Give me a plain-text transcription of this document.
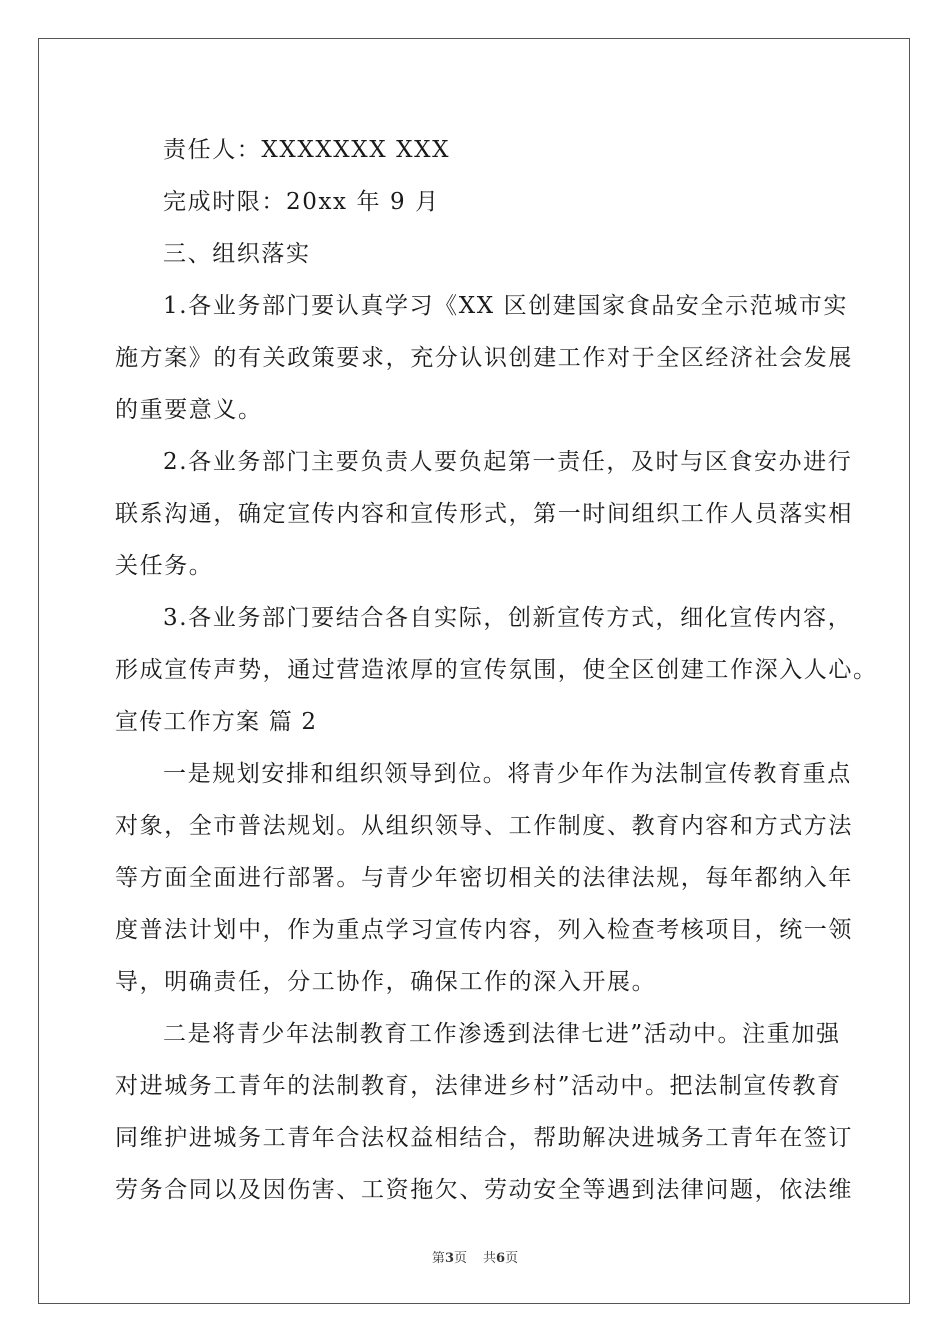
责任人：XXXXXXX XXX
完成时限：20xx 年 9 月
三、组织落实
1.各业务部门要认真学习《XX 区创建国家食品安全示范城市实
施方案》的有关政策要求，充分认识创建工作对于全区经济社会发展
的重要意义。
2.各业务部门主要负责人要负起第一责任，及时与区食安办进行
联系沟通，确定宣传内容和宣传形式，第一时间组织工作人员落实相
关任务。
3.各业务部门要结合各自实际，创新宣传方式，细化宣传内容，
形成宣传声势，通过营造浓厚的宣传氛围，使全区创建工作深入人心。
宣传工作方案 篇 2
一是规划安排和组织领导到位。将青少年作为法制宣传教育重点
对象，全市普法规划。从组织领导、工作制度、教育内容和方式方法
等方面全面进行部署。与青少年密切相关的法律法规，每年都纳入年
度普法计划中，作为重点学习宣传内容，列入检查考核项目，统一领
导，明确责任，分工协作，确保工作的深入开展。
二是将青少年法制教育工作渗透到法律七进”活动中。注重加强
对进城务工青年的法制教育，法律进乡村”活动中。把法制宣传教育
同维护进城务工青年合法权益相结合，帮助解决进城务工青年在签订
劳务合同以及因伤害、工资拖欠、劳动安全等遇到法律问题，依法维
第3页 共6页
